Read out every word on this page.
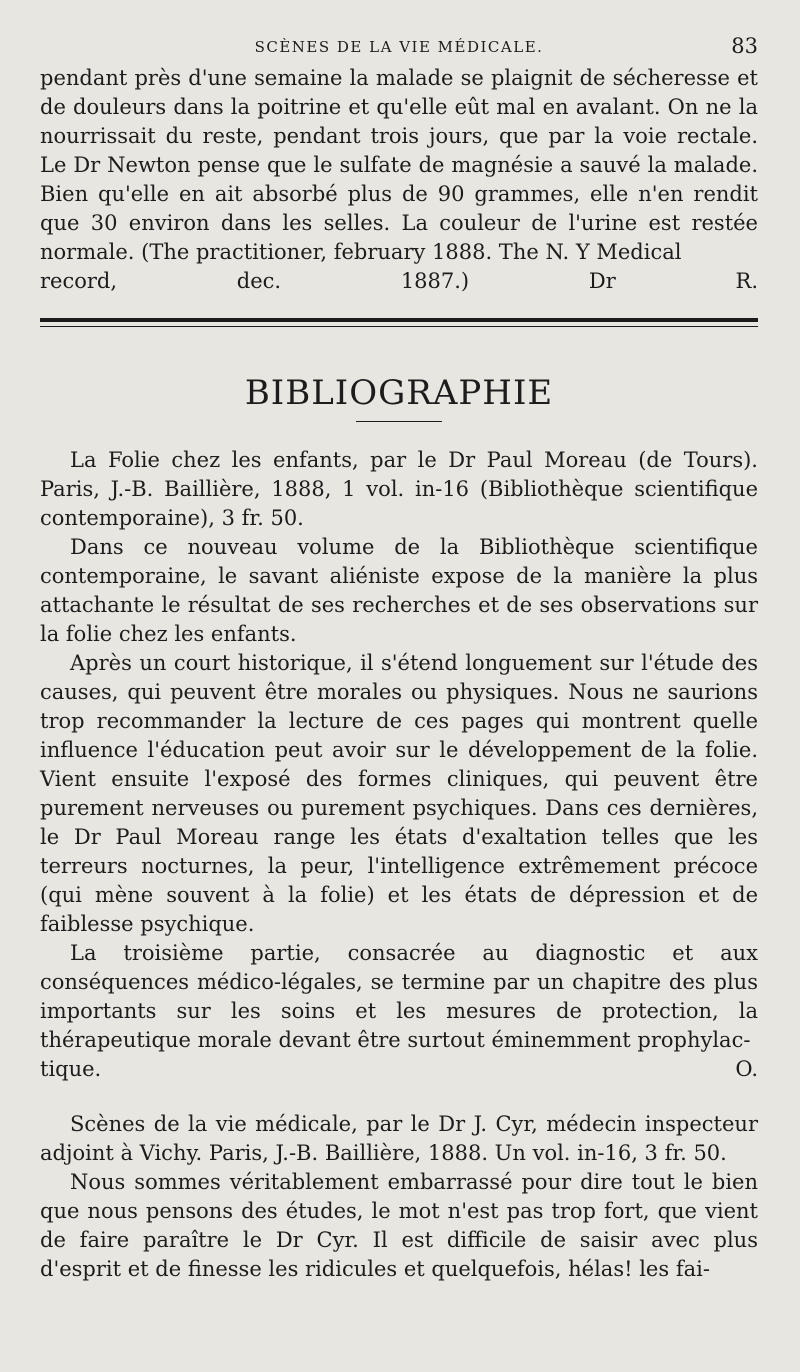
SCÈNES DE LA VIE MÉDICALE.	83

pendant près d'une semaine la malade se plaignit de sécheresse et de douleurs dans la poitrine et qu'elle eût mal en avalant. On ne la nourrissait du reste, pendant trois jours, que par la voie rectale. Le Dr Newton pense que le sulfate de magnésie a sauvé la malade. Bien qu'elle en ait absorbé plus de 90 grammes, elle n'en rendit que 30 environ dans les selles. La couleur de l'urine est restée normale. (The practitioner, february 1888. The N. Y Medical

record, dec. 1887.)	Dr R.

BIBLIOGRAPHIE

La Folie chez les enfants, par le Dr Paul Moreau (de Tours). Paris, J.-B. Baillière, 1888, 1 vol. in-16 (Bibliothèque scientifique contemporaine), 3 fr. 50.

Dans ce nouveau volume de la Bibliothèque scientifique contemporaine, le savant aliéniste expose de la manière la plus attachante le résultat de ses recherches et de ses observations sur la folie chez les enfants.

Après un court historique, il s'étend longuement sur l'étude des causes, qui peuvent être morales ou physiques. Nous ne saurions trop recommander la lecture de ces pages qui montrent quelle influence l'éducation peut avoir sur le développement de la folie. Vient ensuite l'exposé des formes cliniques, qui peuvent être purement nerveuses ou purement psychiques. Dans ces dernières, le Dr Paul Moreau range les états d'exaltation telles que les terreurs nocturnes, la peur, l'intelligence extrêmement précoce (qui mène souvent à la folie) et les états de dépression et de faiblesse psychique.

La troisième partie, consacrée au diagnostic et aux conséquences médico-légales, se termine par un chapitre des plus importants sur les soins et les mesures de protection, la thérapeutique morale devant être surtout éminemment prophylac-

tique.	O.

Scènes de la vie médicale, par le Dr J. Cyr, médecin inspecteur adjoint à Vichy. Paris, J.-B. Baillière, 1888. Un vol. in-16, 3 fr. 50.

Nous sommes véritablement embarrassé pour dire tout le bien que nous pensons des études, le mot n'est pas trop fort, que vient de faire paraître le Dr Cyr. Il est difficile de saisir avec plus d'esprit et de finesse les ridicules et quelquefois, hélas! les fai-
